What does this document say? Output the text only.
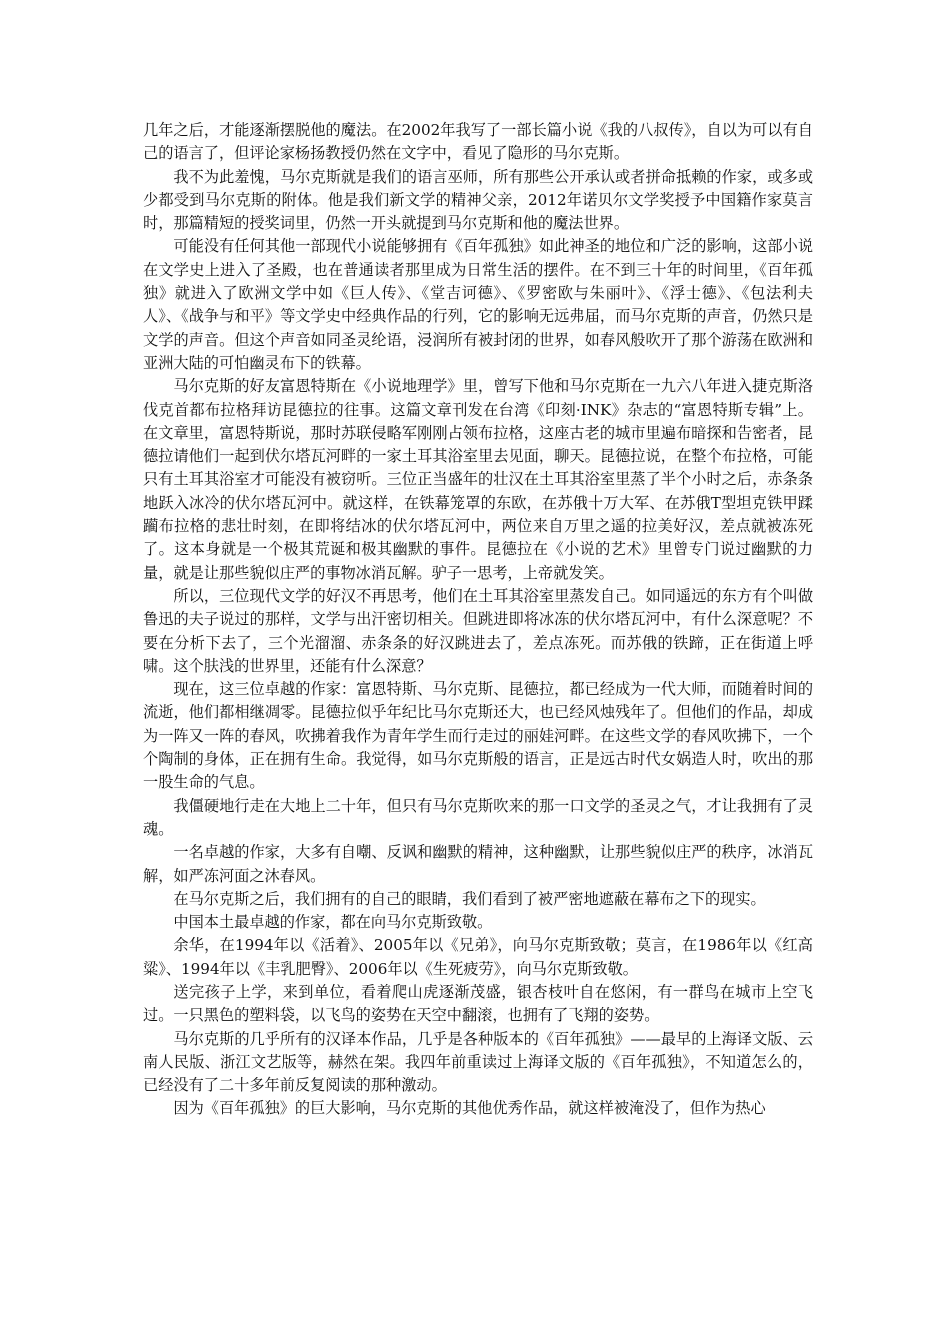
几年之后，才能逐渐摆脱他的魔法。在2002年我写了一部长篇小说《我的八叔传》，自以为可以有自己的语言了，但评论家杨扬教授仍然在文字中，看见了隐形的马尔克斯。

我不为此羞愧，马尔克斯就是我们的语言巫师，所有那些公开承认或者拼命抵赖的作家，或多或少都受到马尔克斯的附体。他是我们新文学的精神父亲，2012年诺贝尔文学奖授予中国籍作家莫言时，那篇精短的授奖词里，仍然一开头就提到马尔克斯和他的魔法世界。

可能没有任何其他一部现代小说能够拥有《百年孤独》如此神圣的地位和广泛的影响，这部小说在文学史上进入了圣殿，也在普通读者那里成为日常生活的摆件。在不到三十年的时间里，《百年孤独》就进入了欧洲文学中如《巨人传》、《堂吉诃德》、《罗密欧与朱丽叶》、《浮士德》、《包法利夫人》、《战争与和平》等文学史中经典作品的行列，它的影响无远弗届，而马尔克斯的声音，仍然只是文学的声音。但这个声音如同圣灵纶语，浸润所有被封闭的世界，如春风般吹开了那个游荡在欧洲和亚洲大陆的可怕幽灵布下的铁幕。

马尔克斯的好友富恩特斯在《小说地理学》里，曾写下他和马尔克斯在一九六八年进入捷克斯洛伐克首都布拉格拜访昆德拉的往事。这篇文章刊发在台湾《印刻·INK》杂志的“富恩特斯专辑”上。在文章里，富恩特斯说，那时苏联侵略军刚刚占领布拉格，这座古老的城市里遍布暗探和告密者，昆德拉请他们一起到伏尔塔瓦河畔的一家土耳其浴室里去见面，聊天。昆德拉说，在整个布拉格，可能只有土耳其浴室才可能没有被窃听。三位正当盛年的壮汉在土耳其浴室里蒸了半个小时之后，赤条条地跃入冰冷的伏尔塔瓦河中。就这样，在铁幕笼罩的东欧，在苏俄十万大军、在苏俄T型坦克铁甲蹂躏布拉格的悲壮时刻，在即将结冰的伏尔塔瓦河中，两位来自万里之遥的拉美好汉，差点就被冻死了。这本身就是一个极其荒诞和极其幽默的事件。昆德拉在《小说的艺术》里曾专门说过幽默的力量，就是让那些貌似庄严的事物冰消瓦解。驴子一思考，上帝就发笑。

所以，三位现代文学的好汉不再思考，他们在土耳其浴室里蒸发自己。如同遥远的东方有个叫做鲁迅的夫子说过的那样，文学与出汗密切相关。但跳进即将冰冻的伏尔塔瓦河中，有什么深意呢？不要在分析下去了，三个光溜溜、赤条条的好汉跳进去了，差点冻死。而苏俄的铁蹄，正在街道上呼啸。这个肤浅的世界里，还能有什么深意？

现在，这三位卓越的作家：富恩特斯、马尔克斯、昆德拉，都已经成为一代大师，而随着时间的流逝，他们都相继凋零。昆德拉似乎年纪比马尔克斯还大，也已经风烛残年了。但他们的作品，却成为一阵又一阵的春风，吹拂着我作为青年学生而行走过的丽娃河畔。在这些文学的春风吹拂下，一个个陶制的身体，正在拥有生命。我觉得，如马尔克斯般的语言，正是远古时代女娲造人时，吹出的那一股生命的气息。

我僵硬地行走在大地上二十年，但只有马尔克斯吹来的那一口文学的圣灵之气，才让我拥有了灵魂。

一名卓越的作家，大多有自嘲、反讽和幽默的精神，这种幽默，让那些貌似庄严的秩序，冰消瓦解，如严冻河面之沐春风。

在马尔克斯之后，我们拥有的自己的眼睛，我们看到了被严密地遮蔽在幕布之下的现实。

中国本土最卓越的作家，都在向马尔克斯致敬。

余华，在1994年以《活着》、2005年以《兄弟》，向马尔克斯致敬；莫言，在1986年以《红高粱》、1994年以《丰乳肥臀》、2006年以《生死疲劳》，向马尔克斯致敬。

送完孩子上学，来到单位，看着爬山虎逐渐茂盛，银杏枝叶自在悠闲，有一群鸟在城市上空飞过。一只黑色的塑料袋，以飞鸟的姿势在天空中翻滚，也拥有了飞翔的姿势。

马尔克斯的几乎所有的汉译本作品，几乎是各种版本的《百年孤独》——最早的上海译文版、云南人民版、浙江文艺版等，赫然在架。我四年前重读过上海译文版的《百年孤独》，不知道怎么的，已经没有了二十多年前反复阅读的那种激动。

因为《百年孤独》的巨大影响，马尔克斯的其他优秀作品，就这样被淹没了，但作为热心
